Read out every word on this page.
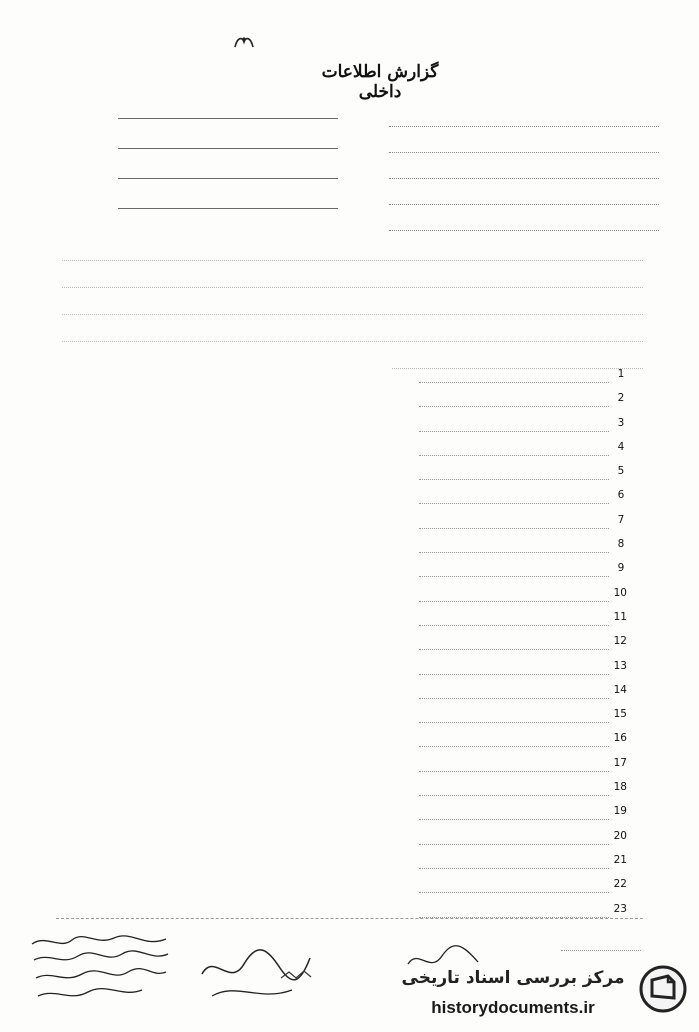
گزارش اطلاعات داخلی
1
2
3
4
5
6
7
8
9
10
11
12
13
14
15
16
17
18
19
20
21
22
23
مرکز بررسی اسناد تاریخی
historydocuments.ir
